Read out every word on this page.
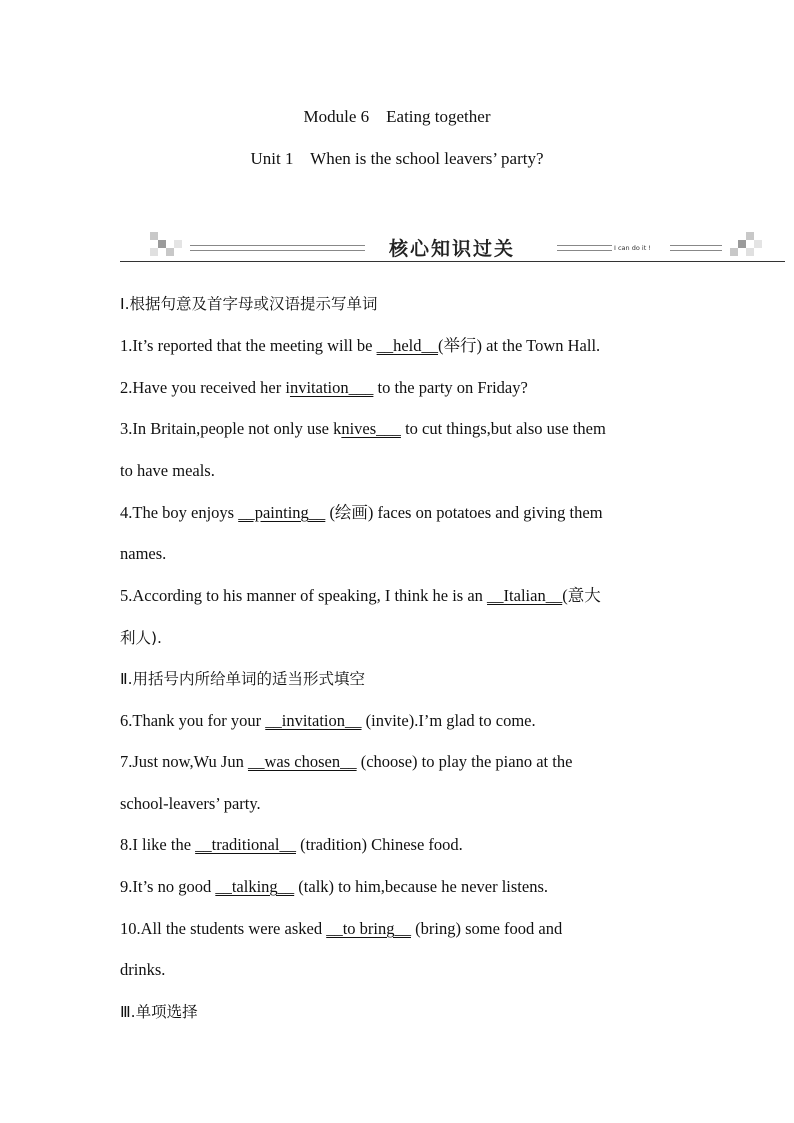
Module 6    Eating together
Unit 1    When is the school leavers’ party?
核心知识过关	I can do it !
Ⅰ.根据句意及首字母或汉语提示写单词
1.It’s reported that the meeting will be __held__(举行) at the Town Hall.
2.Have you received her invitation___ to the party on Friday?
3.In Britain,people not only use knives___ to cut things,but also use them
to have meals.
4.The boy enjoys __painting__ (绘画) faces on potatoes and giving them
names.
5.According to his manner of speaking, I think he is an __Italian__(意大
利人).
Ⅱ.用括号内所给单词的适当形式填空
6.Thank you for your __invitation__ (invite).I’m glad to come.
7.Just now,Wu Jun __was chosen__ (choose) to play the piano at the
school-leavers’ party.
8.I like the __traditional__ (tradition) Chinese food.
9.It’s no good __talking__ (talk) to him,because he never listens.
10.All the students were asked __to bring__ (bring) some food and
drinks.
Ⅲ.单项选择
